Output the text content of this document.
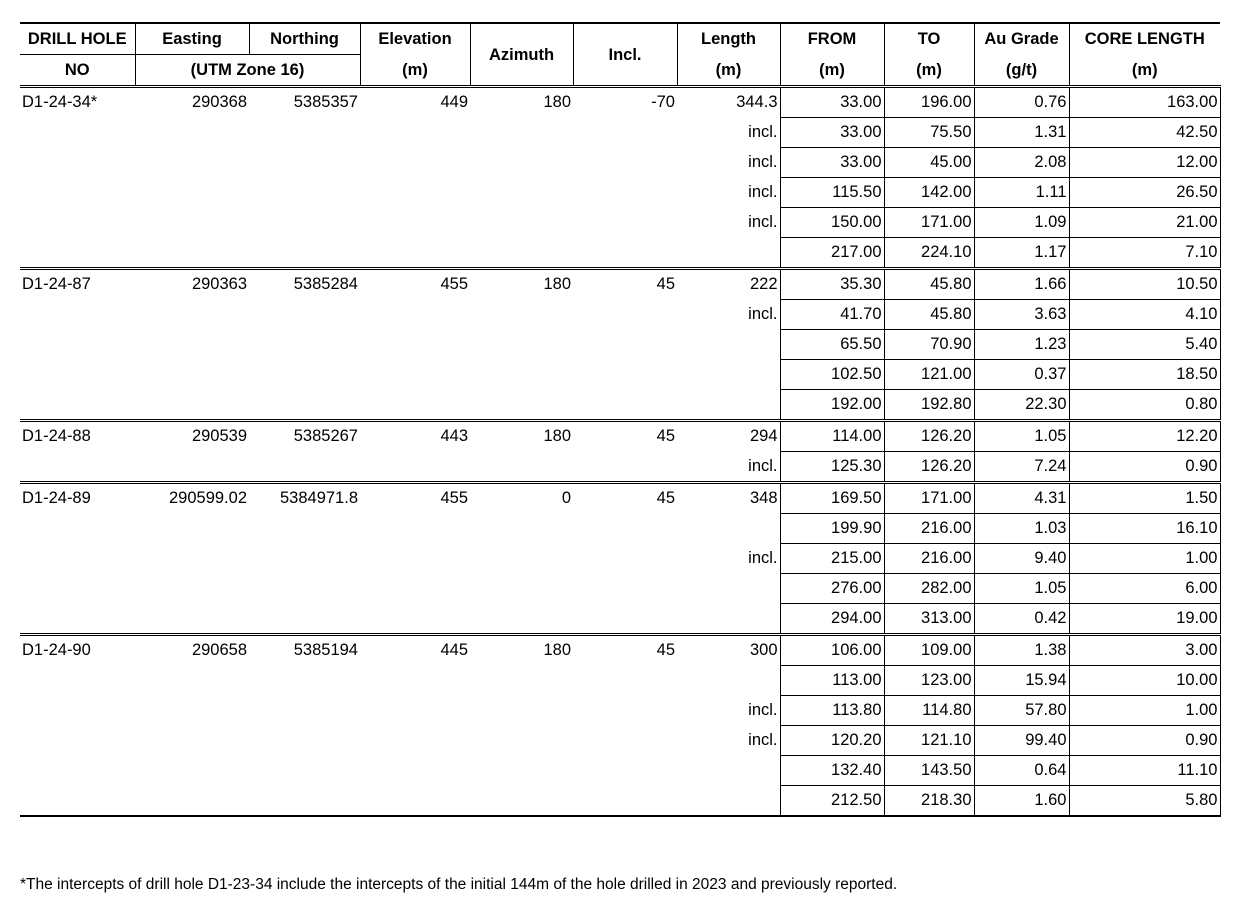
DRILL HOLE	Easting	Northing	Elevation	Azimuth	Incl.	Length	FROM	TO	Au Grade	CORE LENGTH
NO	(UTM Zone 16)		(m)			(m)	(m)	(m)	(g/t)	(m)
D1-24-34*	290368	5385357	449	180	-70	344.3	33.00	196.00	0.76	163.00
						incl.	33.00	75.50	1.31	42.50
						incl.	33.00	45.00	2.08	12.00
						incl.	115.50	142.00	1.11	26.50
						incl.	150.00	171.00	1.09	21.00
							217.00	224.10	1.17	7.10
D1-24-87	290363	5385284	455	180	45	222	35.30	45.80	1.66	10.50
						incl.	41.70	45.80	3.63	4.10
							65.50	70.90	1.23	5.40
							102.50	121.00	0.37	18.50
							192.00	192.80	22.30	0.80
D1-24-88	290539	5385267	443	180	45	294	114.00	126.20	1.05	12.20
						incl.	125.30	126.20	7.24	0.90
D1-24-89	290599.02	5384971.8	455	0	45	348	169.50	171.00	4.31	1.50
							199.90	216.00	1.03	16.10
						incl.	215.00	216.00	9.40	1.00
							276.00	282.00	1.05	6.00
							294.00	313.00	0.42	19.00
D1-24-90	290658	5385194	445	180	45	300	106.00	109.00	1.38	3.00
							113.00	123.00	15.94	10.00
						incl.	113.80	114.80	57.80	1.00
						incl.	120.20	121.10	99.40	0.90
							132.40	143.50	0.64	11.10
							212.50	218.30	1.60	5.80
*The intercepts of drill hole D1-23-34 include the intercepts of the initial 144m of the hole drilled in 2023 and previously reported.
